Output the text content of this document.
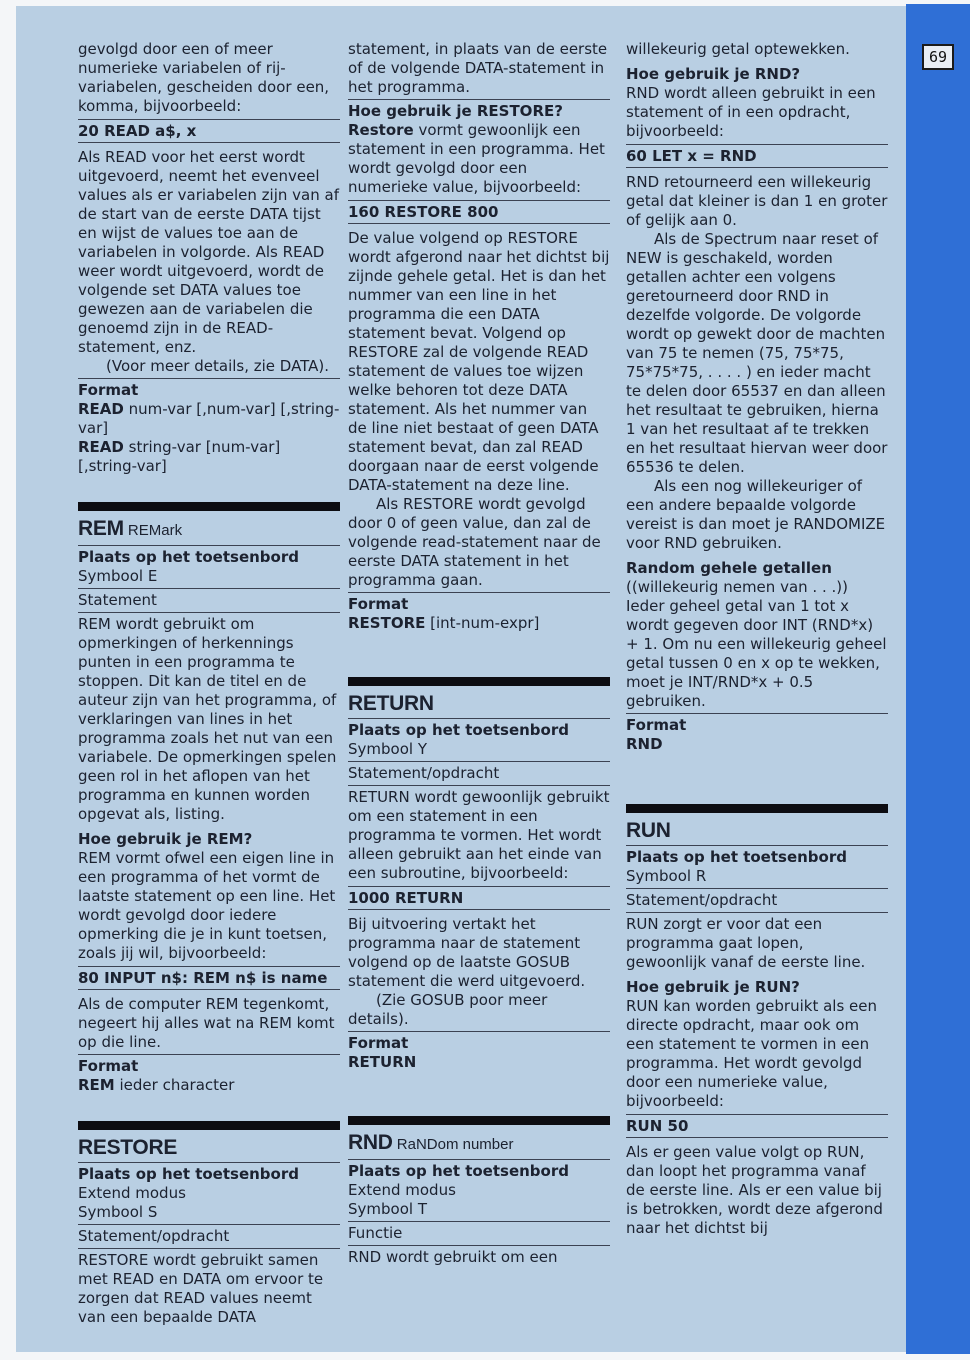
69

gevolgd door een of meer numerieke variabelen of rij-variabelen, gescheiden door een, komma, bijvoorbeeld:

20 READ a$, x

Als READ voor het eerst wordt uitgevoerd, neemt het evenveel values als er variabelen zijn van af de start van de eerste DATA tijst en wijst de values toe aan de variabelen in volgorde. Als READ weer wordt uitgevoerd, wordt de volgende set DATA values toe gewezen aan de variabelen die genoemd zijn in de READ-statement, enz.

(Voor meer details, zie DATA).

Format

READ num-var [,num-var] [,string-var]

READ string-var [num-var] [,string-var]

REM REMark
Plaats op het toetsenbord

Symbool E

Statement

REM wordt gebruikt om opmerkingen of herkennings punten in een programma te stoppen. Dit kan de titel en de auteur zijn van het programma, of verklaringen van lines in het programma zoals het nut van een variabele. De opmerkingen spelen geen rol in het aflopen van het programma en kunnen worden opgevat als, listing.

Hoe gebruik je REM?

REM vormt ofwel een eigen line in een programma of het vormt de laatste statement op een line. Het wordt gevolgd door iedere opmerking die je in kunt toetsen, zoals jij wil, bijvoorbeeld:

80 INPUT n$: REM n$ is name

Als de computer REM tegenkomt, negeert hij alles wat na REM komt op die line.

Format

REM ieder character

RESTORE
Plaats op het toetsenbord

Extend modus

Symbool S

Statement/opdracht

RESTORE wordt gebruikt samen met READ en DATA om ervoor te zorgen dat READ values neemt van een bepaalde DATA

statement, in plaats van de eerste of de volgende DATA-statement in het programma.

Hoe gebruik je RESTORE?

Restore vormt gewoonlijk een statement in een programma. Het wordt gevolgd door een numerieke value, bijvoorbeeld:

160 RESTORE 800

De value volgend op RESTORE wordt afgerond naar het dichtst bij zijnde gehele getal. Het is dan het nummer van een line in het programma die een DATA statement bevat. Volgend op RESTORE zal de volgende READ statement de values toe wijzen welke behoren tot deze DATA statement. Als het nummer van de line niet bestaat of geen DATA statement bevat, dan zal READ doorgaan naar de eerst volgende DATA-statement na deze line.

Als RESTORE wordt gevolgd door 0 of geen value, dan zal de volgende read-statement naar de eerste DATA statement in het programma gaan.

Format

RESTORE [int-num-expr]

RETURN
Plaats op het toetsenbord

Symbool Y

Statement/opdracht

RETURN wordt gewoonlijk gebruikt om een statement in een programma te vormen. Het wordt alleen gebruikt aan het einde van een subroutine, bijvoorbeeld:

1000 RETURN

Bij uitvoering vertakt het programma naar de statement volgend op de laatste GOSUB statement die werd uitgevoerd.

(Zie GOSUB poor meer details).

Format

RETURN

RND RaNDom number
Plaats op het toetsenbord

Extend modus

Symbool T

Functie

RND wordt gebruikt om een

willekeurig getal optewekken.

Hoe gebruik je RND?

RND wordt alleen gebruikt in een statement of in een opdracht, bijvoorbeeld:

60 LET x = RND

RND retourneerd een willekeurig getal dat kleiner is dan 1 en groter of gelijk aan 0.

Als de Spectrum naar reset of NEW is geschakeld, worden getallen achter een volgens geretourneerd door RND in dezelfde volgorde. De volgorde wordt op gewekt door de machten van 75 te nemen (75, 75*75, 75*75*75, . . . . ) en ieder macht te delen door 65537 en dan alleen het resultaat te gebruiken, hierna 1 van het resultaat af te trekken en het resultaat hiervan weer door 65536 te delen.

Als een nog willekeuriger of een andere bepaalde volgorde vereist is dan moet je RANDOMIZE voor RND gebruiken.

Random gehele getallen

((willekeurig nemen van . . .)) Ieder geheel getal van 1 tot x wordt gegeven door INT (RND*x) + 1. Om nu een willekeurig geheel getal tussen 0 en x op te wekken, moet je INT/RND*x + 0.5 gebruiken.

Format

RND

RUN
Plaats op het toetsenbord

Symbool R

Statement/opdracht

RUN zorgt er voor dat een programma gaat lopen, gewoonlijk vanaf de eerste line.

Hoe gebruik je RUN?

RUN kan worden gebruikt als een directe opdracht, maar ook om een statement te vormen in een programma. Het wordt gevolgd door een numerieke value, bijvoorbeeld:

RUN 50

Als er geen value volgt op RUN, dan loopt het programma vanaf de eerste line. Als er een value bij is betrokken, wordt deze afgerond naar het dichtst bij
